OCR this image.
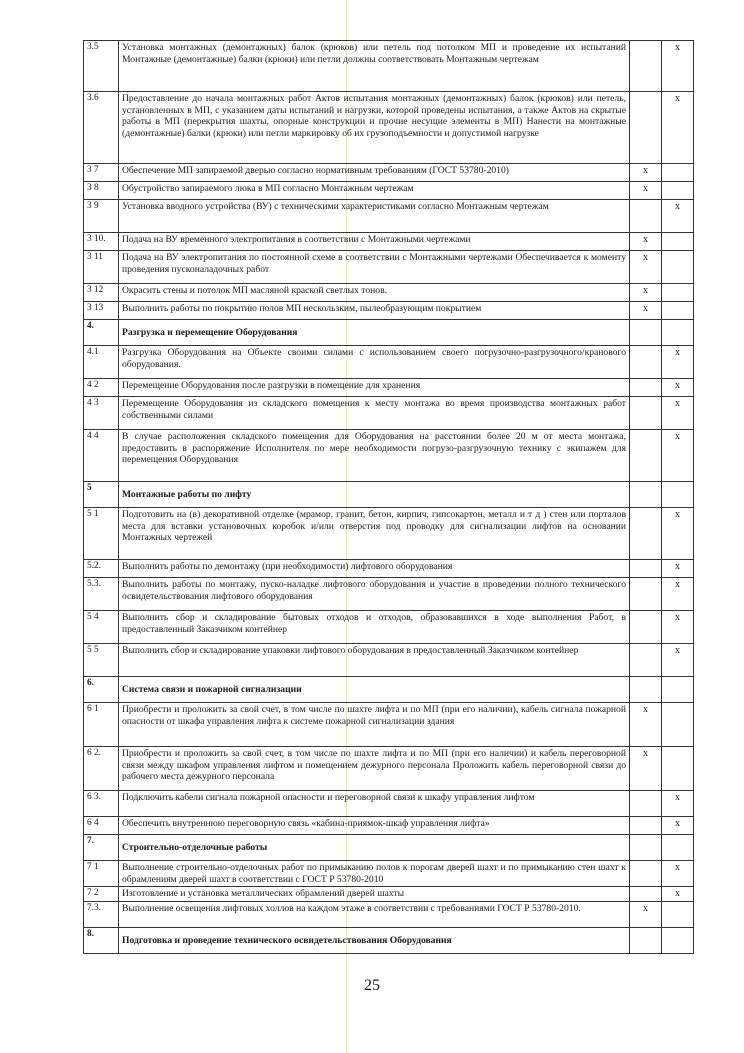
3.5	Установка монтажных (демонтажных) балок (крюков) или петель под потолком МП и проведение их испытаний Монтажные (демонтажные) балки (крюки) или петли должны соответствовать Монтажным чертежам		x
3.6	Предоставление до начала монтажных работ Актов испытания монтажных (демонтажных) балок (крюков) или петель, установленных в МП, с указанием даты испытаний и нагрузки, которой проведены испытания, а также Актов на скрытые работы в МП (перекрытия шахты, опорные конструкции и прочие несущие элементы в МП) Нанести на монтажные (демонтажные) балки (крюки) или петли маркировку об их грузоподъемности и допустимой нагрузке		x
3 7	Обеспечение МП запираемой дверью согласно нормативным требованиям (ГОСТ 53780-2010)	x	
3 8	Обустройство запираемого люка в МП согласно Монтажным чертежам	x	
3 9	Установка вводного устройства (ВУ) с техническими характеристиками согласно Монтажным чертежам		x
3 10.	Подача на ВУ временного электропитания в соответствии с Монтажными чертежами	x	
3 11	Подача на ВУ электропитания по постоянной схеме в соответствии с Монтажными чертежами Обеспечивается к моменту проведения пусконаладочных работ	x	
3 12	Окрасить стены и потолок МП масляной краской светлых тонов.	x	
3 13	Выполнить работы по покрытию полов МП нескользким, пылеобразующим покрытием	x	
4.	Разгрузка и перемещение Оборудования		
4.1	Разгрузка Оборудования на Объекте своими силами с использованием своего погрузочно-разгрузочного/кранового оборудования.		x
4 2	Перемещение Оборудования после разгрузки в помещение для хранения		x
4 3	Перемещение Оборудования из складского помещения к месту монтажа во время производства монтажных работ собственными силами		x
4 4	В случае расположения складского помещения для Оборудования на расстоянии более 20 м от места монтажа, предоставить в распоряжение Исполнителя по мере необходимости погрузо-разгрузочную технику с экипажем для перемещения Оборудования		x
5	Монтажные работы по лифту		
5 1	Подготовить на (в) декоративной отделке (мрамор, гранит, бетон, кирпич, гипсокартон, металл и т д ) стен или порталов места для вставки установочных коробок и/или отверстия под проводку для сигнализации лифтов на основании Монтажных чертежей		x
5.2.	Выполнить работы по демонтажу (при необходимости) лифтового оборудования		x
5.3.	Выполнить работы по монтажу, пуско-наладке лифтового оборудования и участие в проведении полного технического освидетельствования лифтового оборудования		x
5 4	Выполнить сбор и складирование бытовых отходов и отходов, образовавшихся в ходе выполнения Работ, в предоставленный Заказчиком контейнер		x
5 5	Выполнить сбор и складирование упаковки лифтового оборудования в предоставленный Заказчиком контейнер		x
6.	Система связи и пожарной сигнализации		
6 1	Приобрести и проложить за свой счет, в том числе по шахте лифта и по МП (при его наличии), кабель сигнала пожарной опасности от шкафа управления лифта к системе пожарной сигнализации здания	x	
6 2.	Приобрести и проложить за свой счет, в том числе по шахте лифта и по МП (при его наличии) и кабель переговорной связи между шкафом управления лифтом и помещением дежурного персонала Проложить кабель переговорной связи до рабочего места дежурного персонала	x	
6 3.	Подключить кабели сигнала пожарной опасности и переговорной связи к шкафу управления лифтом		x
6 4	Обеспечить внутреннюю переговорную связь «кабина-приямок-шкаф управления лифта»		x
7.	Строительно-отделочные работы		
7 1	Выполнение строительно-отделочных работ по примыканию полов к порогам дверей шахт и по примыканию стен шахт к обрамлениям дверей шахт в соответствии с ГОСТ Р 53780-2010		x
7 2	Изготовление и установка металлических обрамлений дверей шахты		x
7.3.	Выполнение освещения лифтовых холлов на каждом этаже в соответствии с требованиями ГОСТ Р 53780-2010.	x	
8.	Подготовка и проведение технического освидетельствования Оборудования		
25
